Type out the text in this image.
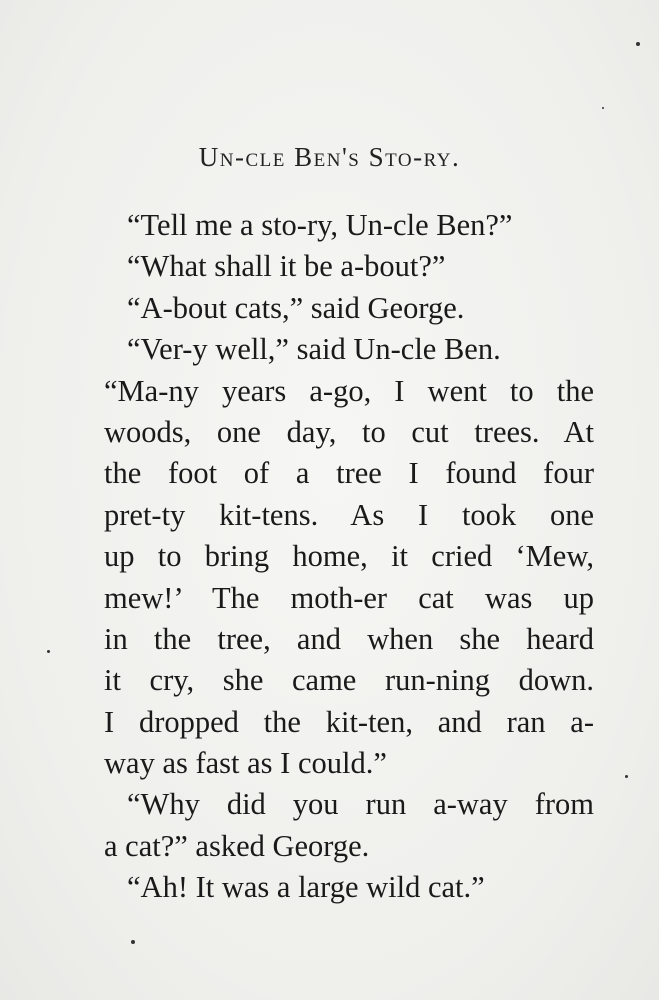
Un-cle Ben's Sto-ry.
“Tell me a sto-ry, Un-cle Ben?”
“What shall it be a-bout?”
“A-bout cats,” said George.
“Ver-y well,” said Un-cle Ben.
“Ma-ny years a-go, I went to the
woods, one day, to cut trees. At
the foot of a tree I found four
pret-ty kit-tens. As I took one
up to bring home, it cried ‘Mew,
mew!’ The moth-er cat was up
in the tree, and when she heard
it cry, she came run-ning down.
I dropped the kit-ten, and ran a-
way as fast as I could.”
“Why did you run a-way from
a cat?” asked George.
“Ah! It was a large wild cat.”
